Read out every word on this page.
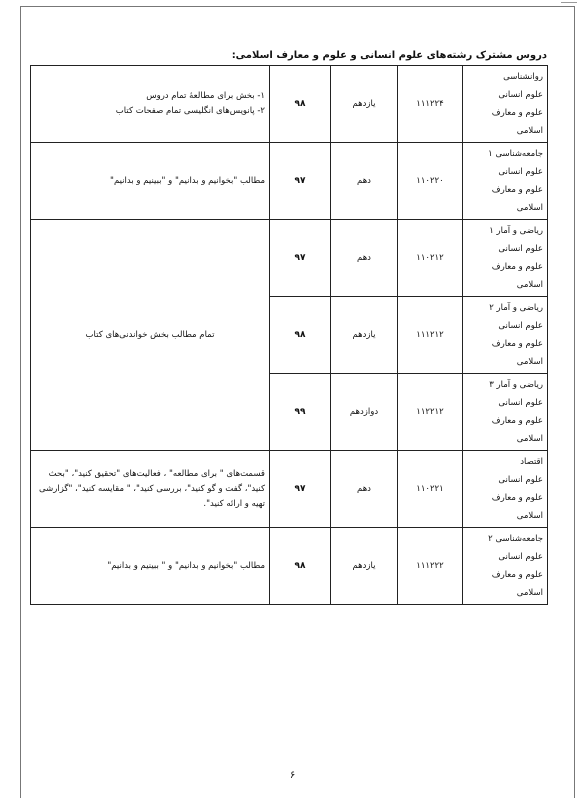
دروس مشترک رشته‌های علوم انسانی و علوم و معارف اسلامی:
روانشناسی
علوم انسانی
علوم و معارف اسلامی	۱۱۱۲۲۴	یازدهم	۹۸	۱- بخش برای مطالعهٔ تمام دروس
۲- پانویس‌های انگلیسی تمام صفحات کتاب

جامعه‌شناسی ۱
علوم انسانی
علوم و معارف اسلامی	۱۱۰۲۲۰	دهم	۹۷	مطالب "بخوانیم و بدانیم" و "ببینیم و بدانیم"

ریاضی و آمار ۱
علوم انسانی
علوم و معارف اسلامی	۱۱۰۲۱۲	دهم	۹۷	تمام مطالب بخش خواندنی‌های کتاب

ریاضی و آمار ۲
علوم انسانی
علوم و معارف اسلامی	۱۱۱۲۱۲	یازدهم	۹۸	

ریاضی و آمار ۳
علوم انسانی
علوم و معارف اسلامی	۱۱۲۲۱۲	دوازدهم	۹۹	

اقتصاد
علوم انسانی
علوم و معارف اسلامی	۱۱۰۲۲۱	دهم	۹۷	قسمت‌های " برای مطالعه" ، فعالیت‌های "تحقیق کنید"، "بحث
کنید"، گفت و گو کنید"، بررسی کنید"، " مقایسه کنید"، "گزارشی
تهیه و ارائه کنید".

جامعه‌شناسی ۲
علوم انسانی
علوم و معارف اسلامی	۱۱۱۲۲۲	یازدهم	۹۸	مطالب "بخوانیم و بدانیم" و " ببینیم و بدانیم"
۶
